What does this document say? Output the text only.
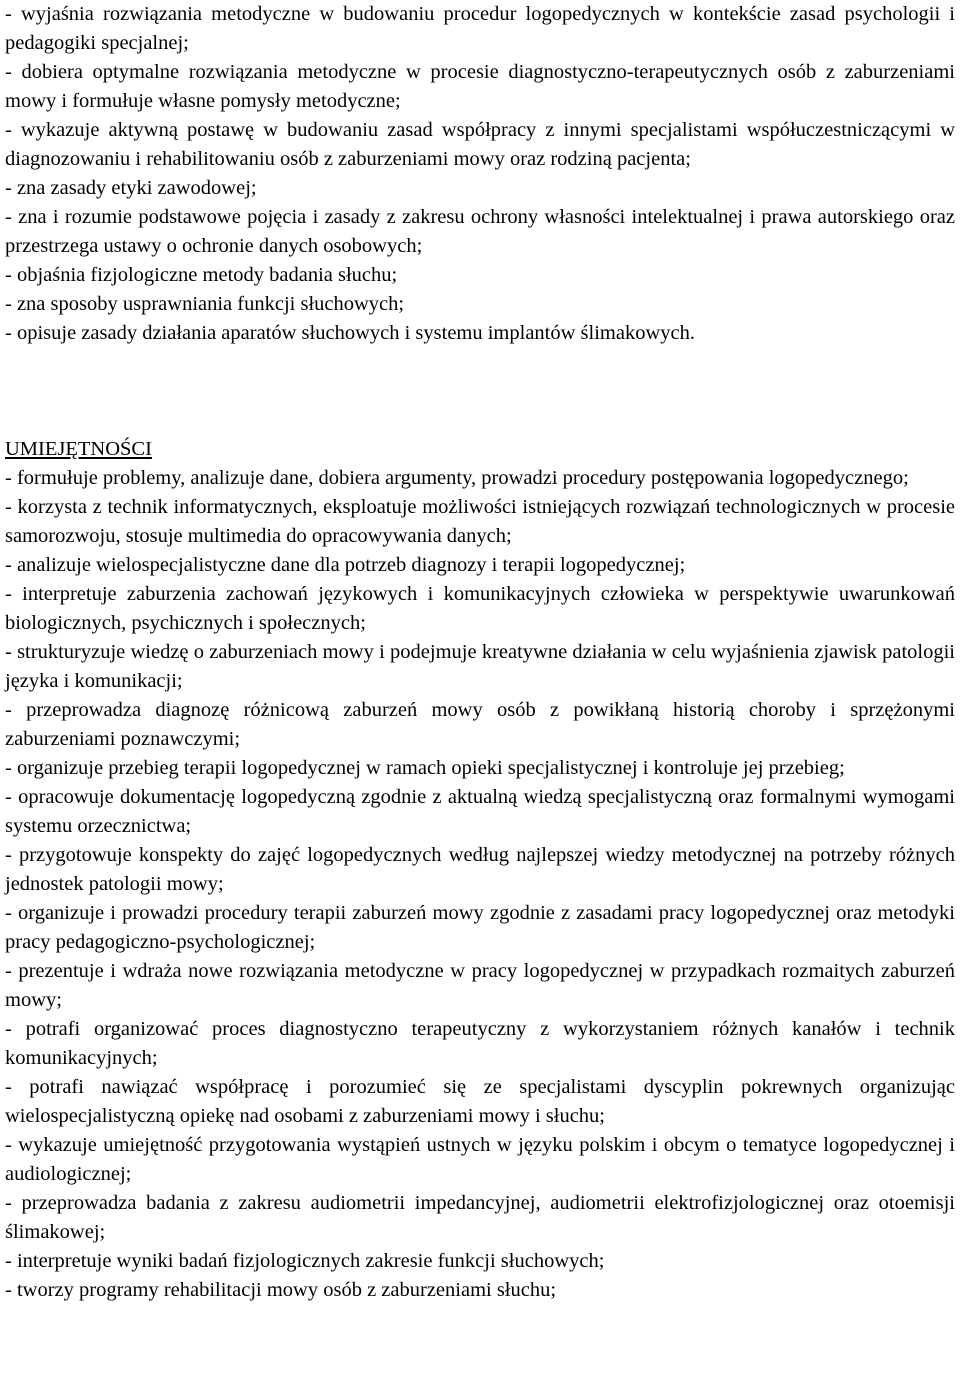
- wyjaśnia rozwiązania metodyczne w budowaniu procedur logopedycznych w kontekście zasad psychologii i pedagogiki specjalnej;

- dobiera optymalne rozwiązania metodyczne w procesie diagnostyczno-terapeutycznych osób z zaburzeniami mowy i formułuje własne pomysły metodyczne;

- wykazuje aktywną postawę w budowaniu zasad współpracy z innymi specjalistami współuczestniczącymi w diagnozowaniu i rehabilitowaniu osób z zaburzeniami mowy oraz rodziną pacjenta;

- zna zasady etyki zawodowej;

- zna i rozumie podstawowe pojęcia i zasady z zakresu ochrony własności intelektualnej i prawa autorskiego oraz przestrzega ustawy o ochronie danych osobowych;

- objaśnia fizjologiczne metody badania słuchu;

- zna sposoby usprawniania funkcji słuchowych;

- opisuje zasady działania aparatów słuchowych i systemu implantów ślimakowych.

UMIEJĘTNOŚCI

- formułuje problemy, analizuje dane, dobiera argumenty, prowadzi procedury postępowania logopedycznego;

- korzysta z technik informatycznych, eksploatuje możliwości istniejących rozwiązań technologicznych w procesie samorozwoju, stosuje multimedia do opracowywania danych;

- analizuje wielospecjalistyczne dane dla potrzeb diagnozy i terapii logopedycznej;

- interpretuje zaburzenia zachowań językowych i komunikacyjnych człowieka w perspektywie uwarunkowań biologicznych, psychicznych i społecznych;

- strukturyzuje wiedzę o zaburzeniach mowy i podejmuje kreatywne działania w celu wyjaśnienia zjawisk patologii języka i komunikacji;

- przeprowadza diagnozę różnicową zaburzeń mowy osób z powikłaną historią choroby i sprzężonymi zaburzeniami poznawczymi;

- organizuje przebieg terapii logopedycznej w ramach opieki specjalistycznej i kontroluje jej przebieg;

- opracowuje dokumentację logopedyczną zgodnie z aktualną wiedzą specjalistyczną oraz formalnymi wymogami systemu orzecznictwa;

- przygotowuje konspekty do zajęć logopedycznych według najlepszej wiedzy metodycznej na potrzeby różnych jednostek patologii mowy;

- organizuje i prowadzi procedury terapii zaburzeń mowy zgodnie z zasadami pracy logopedycznej oraz metodyki pracy pedagogiczno-psychologicznej;

- prezentuje i wdraża nowe rozwiązania metodyczne w pracy logopedycznej w przypadkach rozmaitych zaburzeń mowy;

- potrafi organizować proces diagnostyczno terapeutyczny z wykorzystaniem różnych kanałów i technik komunikacyjnych;

- potrafi nawiązać współpracę i porozumieć się ze specjalistami dyscyplin pokrewnych organizując wielospecjalistyczną opiekę nad osobami z zaburzeniami mowy i słuchu;

- wykazuje umiejętność przygotowania wystąpień ustnych w języku polskim i obcym o tematyce logopedycznej i audiologicznej;

- przeprowadza badania z zakresu audiometrii impedancyjnej, audiometrii elektrofizjologicznej oraz otoemisji ślimakowej;

- interpretuje wyniki badań fizjologicznych zakresie funkcji słuchowych;

- tworzy programy rehabilitacji mowy osób z zaburzeniami słuchu;
